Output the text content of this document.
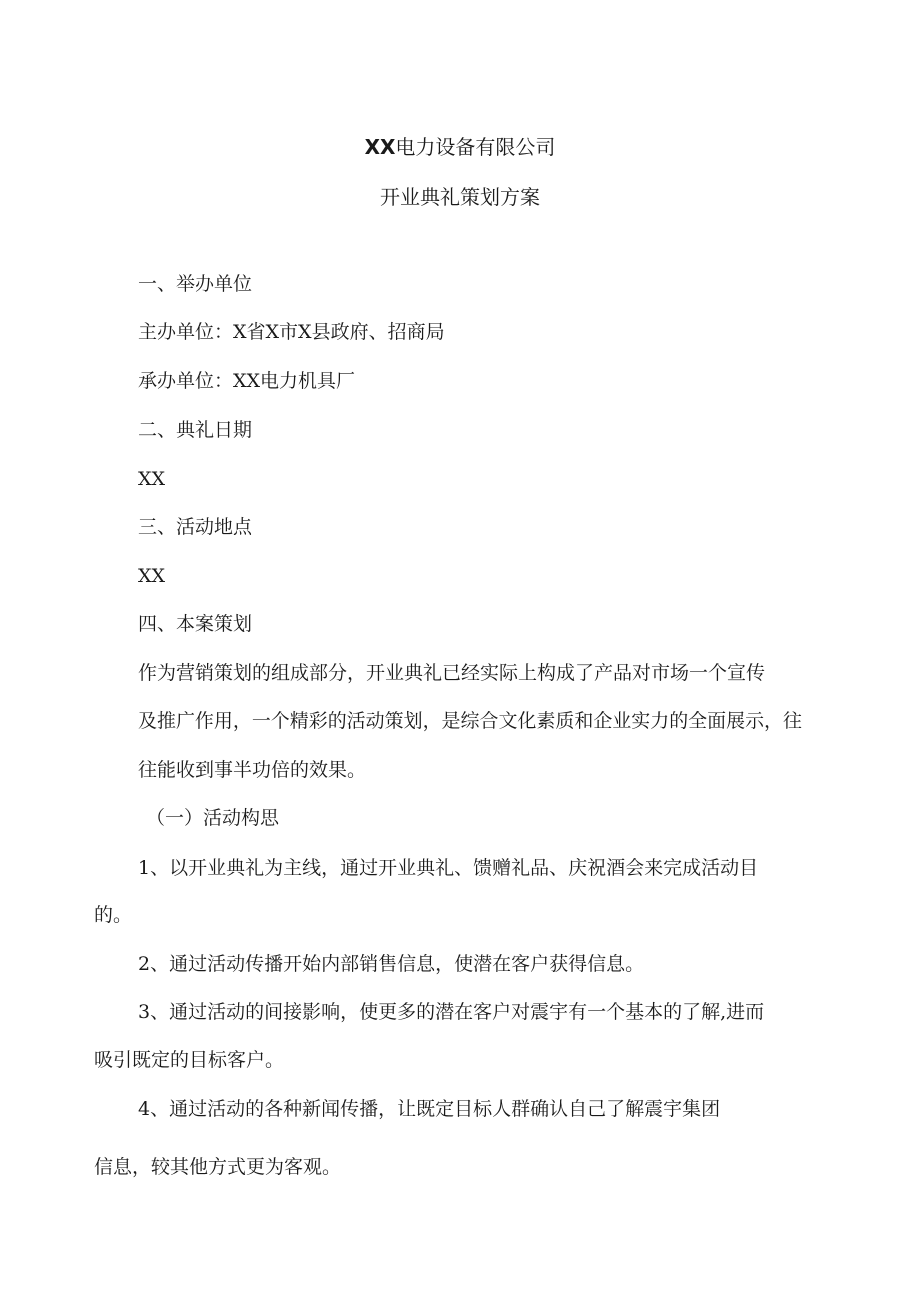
XX电力设备有限公司
开业典礼策划方案
一、举办单位
主办单位：X省X市X县政府、招商局
承办单位：XX电力机具厂
二、典礼日期
XX
三、活动地点
XX
四、本案策划
作为营销策划的组成部分，开业典礼已经实际上构成了产品对市场一个宣传
及推广作用，一个精彩的活动策划，是综合文化素质和企业实力的全面展示，往
往能收到事半功倍的效果。
（一）活动构思
1、以开业典礼为主线，通过开业典礼、馈赠礼品、庆祝酒会来完成活动目
的。
2、通过活动传播开始内部销售信息，使潜在客户获得信息。
3、通过活动的间接影响，使更多的潜在客户对震宇有一个基本的了解,进而
吸引既定的目标客户。
4、通过活动的各种新闻传播，让既定目标人群确认自己了解震宇集团
信息，较其他方式更为客观。
